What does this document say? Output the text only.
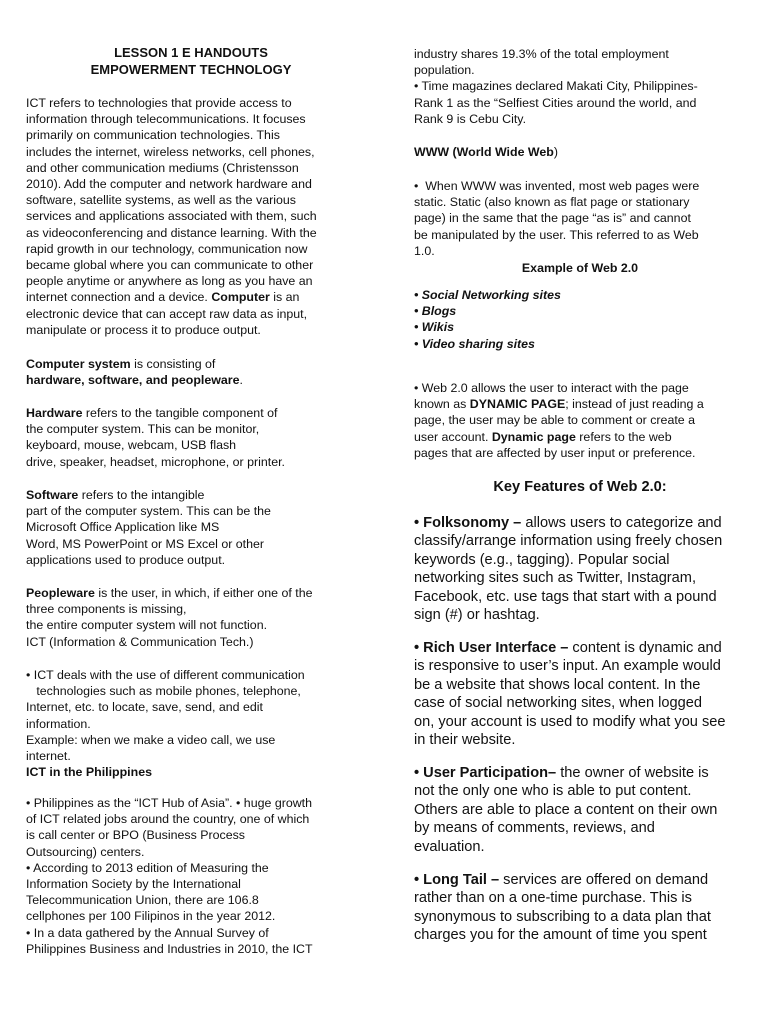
LESSON 1 E HANDOUTS
EMPOWERMENT TECHNOLOGY
ICT refers to technologies that provide access to
information through telecommunications. It focuses
primarily on communication technologies. This
includes the internet, wireless networks, cell phones,
and other communication mediums (Christensson
2010). Add the computer and network hardware and
software, satellite systems, as well as the various
services and applications associated with them, such
as videoconferencing and distance learning. With the
rapid growth in our technology, communication now
became global where you can communicate to other
people anytime or anywhere as long as you have an
internet connection and a device. Computer is an
electronic device that can accept raw data as input,
manipulate or process it to produce output.
Computer system is consisting of
hardware, software, and peopleware.
Hardware refers to the tangible component of
the computer system. This can be monitor,
keyboard, mouse, webcam, USB flash
drive, speaker, headset, microphone, or printer.
Software refers to the intangible
part of the computer system. This can be the
Microsoft Office Application like MS
Word, MS PowerPoint or MS Excel or other
applications used to produce output.
Peopleware is the user, in which, if either one of the
three components is missing,
the entire computer system will not function.
ICT (Information & Communication Tech.)
• ICT deals with the use of different communication
technologies such as mobile phones, telephone,
Internet, etc. to locate, save, send, and edit
information.
Example: when we make a video call, we use
internet.
ICT in the Philippines
• Philippines as the “ICT Hub of Asia”. • huge growth
of ICT related jobs around the country, one of which
is call center or BPO (Business Process
Outsourcing) centers.
• According to 2013 edition of Measuring the
Information Society by the International
Telecommunication Union, there are 106.8
cellphones per 100 Filipinos in the year 2012.
• In a data gathered by the Annual Survey of
Philippines Business and Industries in 2010, the ICT
industry shares 19.3% of the total employment
population.
• Time magazines declared Makati City, Philippines-
Rank 1 as the “Selfiest Cities around the world, and
Rank 9 is Cebu City.
WWW (World Wide Web)
•  When WWW was invented, most web pages were
static. Static (also known as flat page or stationary
page) in the same that the page “as is” and cannot
be manipulated by the user. This referred to as Web
1.0.
Example of Web 2.0
• Social Networking sites
• Blogs
• Wikis
• Video sharing sites
• Web 2.0 allows the user to interact with the page
known as DYNAMIC PAGE; instead of just reading a
page, the user may be able to comment or create a
user account. Dynamic page refers to the web
pages that are affected by user input or preference.
Key Features of Web 2.0:
• Folksonomy – allows users to categorize and
classify/arrange information using freely chosen
keywords (e.g., tagging). Popular social
networking sites such as Twitter, Instagram,
Facebook, etc. use tags that start with a pound
sign (#) or hashtag.
• Rich User Interface – content is dynamic and
is responsive to user’s input. An example would
be a website that shows local content. In the
case of social networking sites, when logged
on, your account is used to modify what you see
in their website.
• User Participation– the owner of website is
not the only one who is able to put content.
Others are able to place a content on their own
by means of comments, reviews, and
evaluation.
• Long Tail – services are offered on demand
rather than on a one-time purchase. This is
synonymous to subscribing to a data plan that
charges you for the amount of time you spent
